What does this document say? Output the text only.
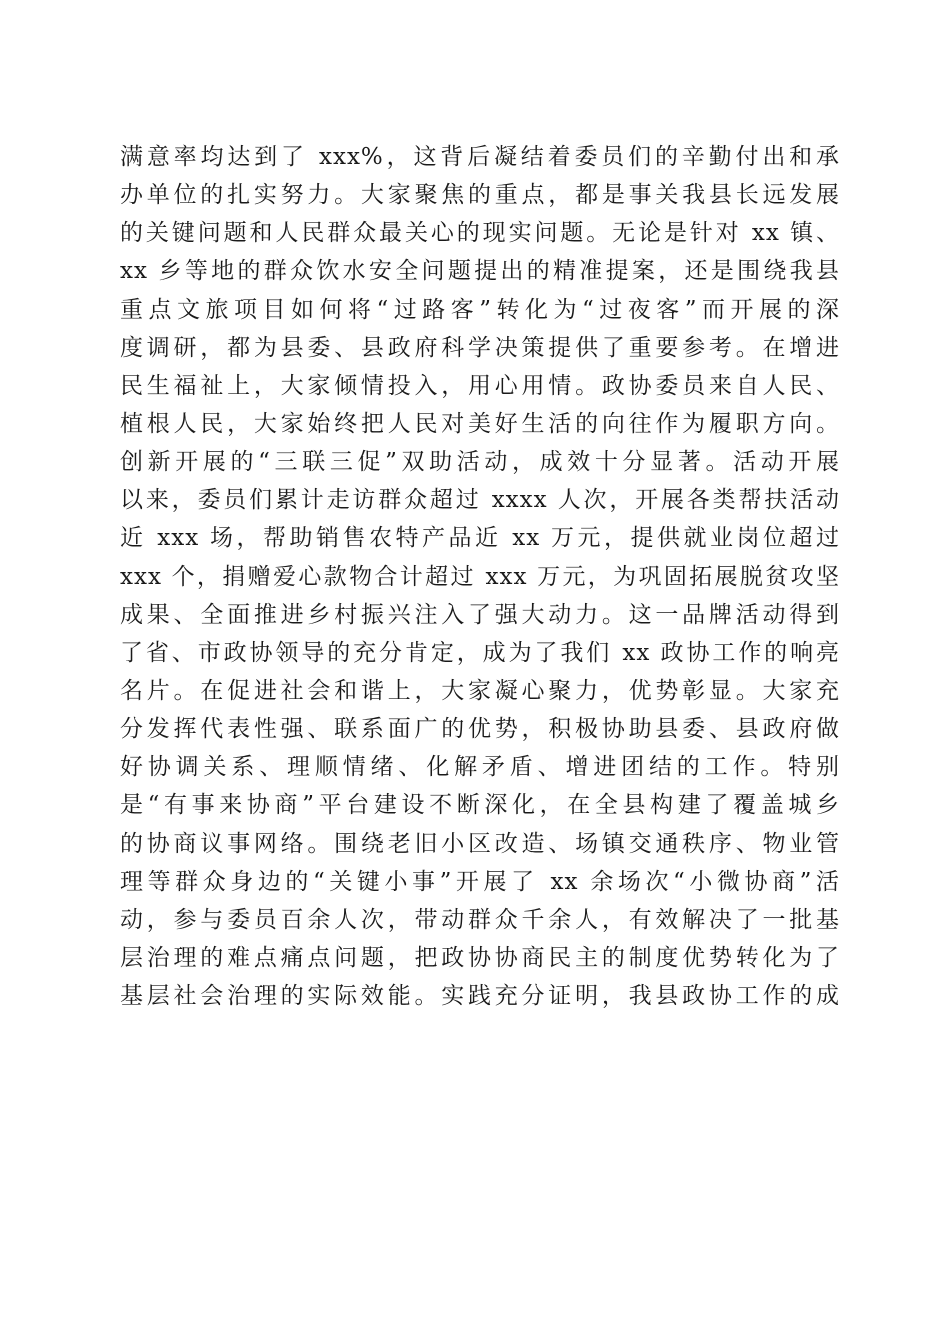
满意率均达到了 xxx%，这背后凝结着委员们的辛勤付出和承
办单位的扎实努力。大家聚焦的重点，都是事关我县长远发展
的关键问题和人民群众最关心的现实问题。无论是针对 xx 镇、
xx 乡等地的群众饮水安全问题提出的精准提案，还是围绕我县
重点文旅项目如何将“过路客”转化为“过夜客”而开展的深
度调研，都为县委、县政府科学决策提供了重要参考。在增进
民生福祉上，大家倾情投入，用心用情。政协委员来自人民、
植根人民，大家始终把人民对美好生活的向往作为履职方向。
创新开展的“三联三促”双助活动，成效十分显著。活动开展
以来，委员们累计走访群众超过 xxxx 人次，开展各类帮扶活动
近 xxx 场，帮助销售农特产品近 xx 万元，提供就业岗位超过
xxx 个，捐赠爱心款物合计超过 xxx 万元，为巩固拓展脱贫攻坚
成果、全面推进乡村振兴注入了强大动力。这一品牌活动得到
了省、市政协领导的充分肯定，成为了我们 xx 政协工作的响亮
名片。在促进社会和谐上，大家凝心聚力，优势彰显。大家充
分发挥代表性强、联系面广的优势，积极协助县委、县政府做
好协调关系、理顺情绪、化解矛盾、增进团结的工作。特别
是“有事来协商”平台建设不断深化，在全县构建了覆盖城乡
的协商议事网络。围绕老旧小区改造、场镇交通秩序、物业管
理等群众身边的“关键小事”开展了 xx 余场次“小微协商”活
动，参与委员百余人次，带动群众千余人，有效解决了一批基
层治理的难点痛点问题，把政协协商民主的制度优势转化为了
基层社会治理的实际效能。实践充分证明，我县政协工作的成
